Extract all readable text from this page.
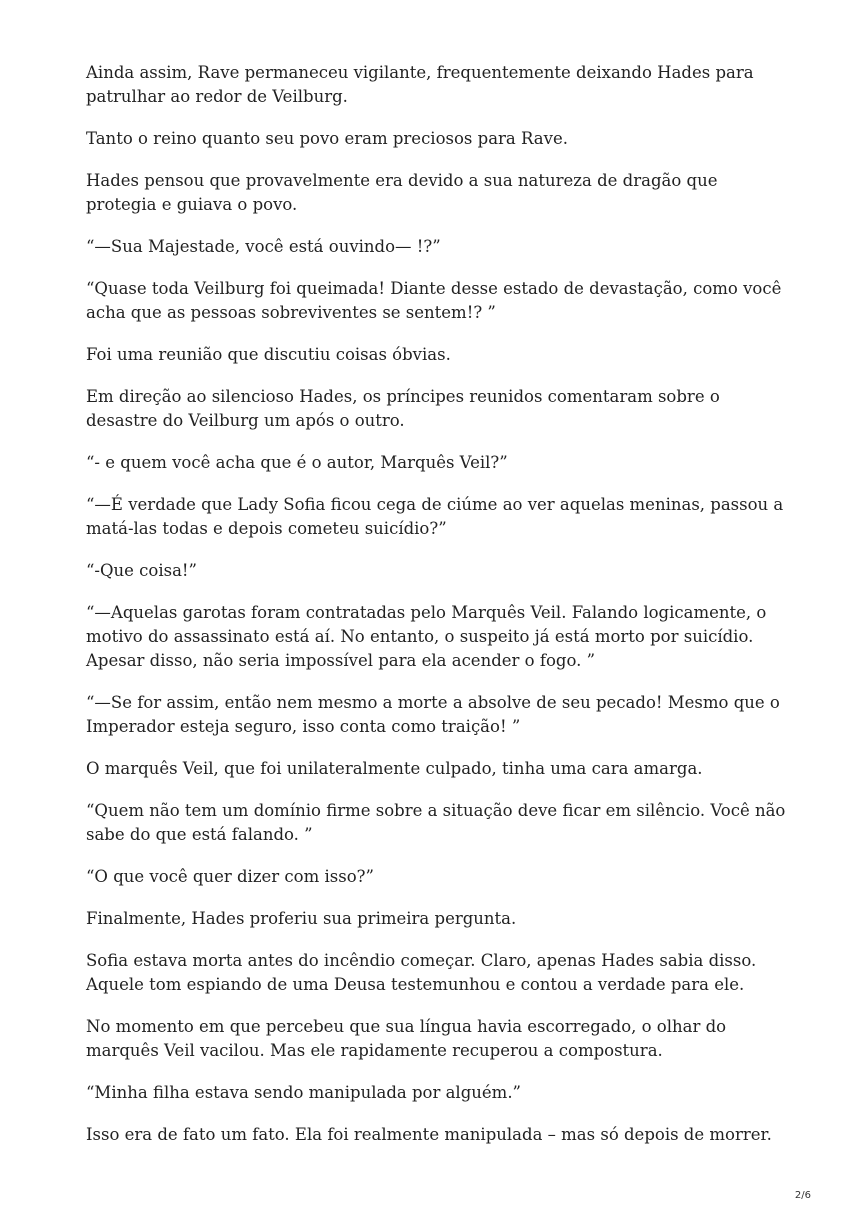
Ainda assim, Rave permaneceu vigilante, frequentemente deixando Hades para patrulhar ao redor de Veilburg.

Tanto o reino quanto seu povo eram preciosos para Rave.

Hades pensou que provavelmente era devido a sua natureza de dragão que protegia e guiava o povo.

“—Sua Majestade, você está ouvindo— !?”

“Quase toda Veilburg foi queimada! Diante desse estado de devastação, como você acha que as pessoas sobreviventes se sentem!? ”

Foi uma reunião que discutiu coisas óbvias.

Em direção ao silencioso Hades, os príncipes reunidos comentaram sobre o desastre do Veilburg um após o outro.

“- e quem você acha que é o autor, Marquês Veil?”

“—É verdade que Lady Sofia ficou cega de ciúme ao ver aquelas meninas, passou a matá-las todas e depois cometeu suicídio?”

“-Que coisa!”

“—Aquelas garotas foram contratadas pelo Marquês Veil. Falando logicamente, o motivo do assassinato está aí. No entanto, o suspeito já está morto por suicídio. Apesar disso, não seria impossível para ela acender o fogo. ”

“—Se for assim, então nem mesmo a morte a absolve de seu pecado! Mesmo que o Imperador esteja seguro, isso conta como traição! ”

O marquês Veil, que foi unilateralmente culpado, tinha uma cara amarga.

“Quem não tem um domínio firme sobre a situação deve ficar em silêncio. Você não sabe do que está falando. ”

“O que você quer dizer com isso?”

Finalmente, Hades proferiu sua primeira pergunta.

Sofia estava morta antes do incêndio começar. Claro, apenas Hades sabia disso. Aquele tom espiando de uma Deusa testemunhou e contou a verdade para ele.

No momento em que percebeu que sua língua havia escorregado, o olhar do marquês Veil vacilou. Mas ele rapidamente recuperou a compostura.

“Minha filha estava sendo manipulada por alguém.”

Isso era de fato um fato. Ela foi realmente manipulada – mas só depois de morrer.

2/6
